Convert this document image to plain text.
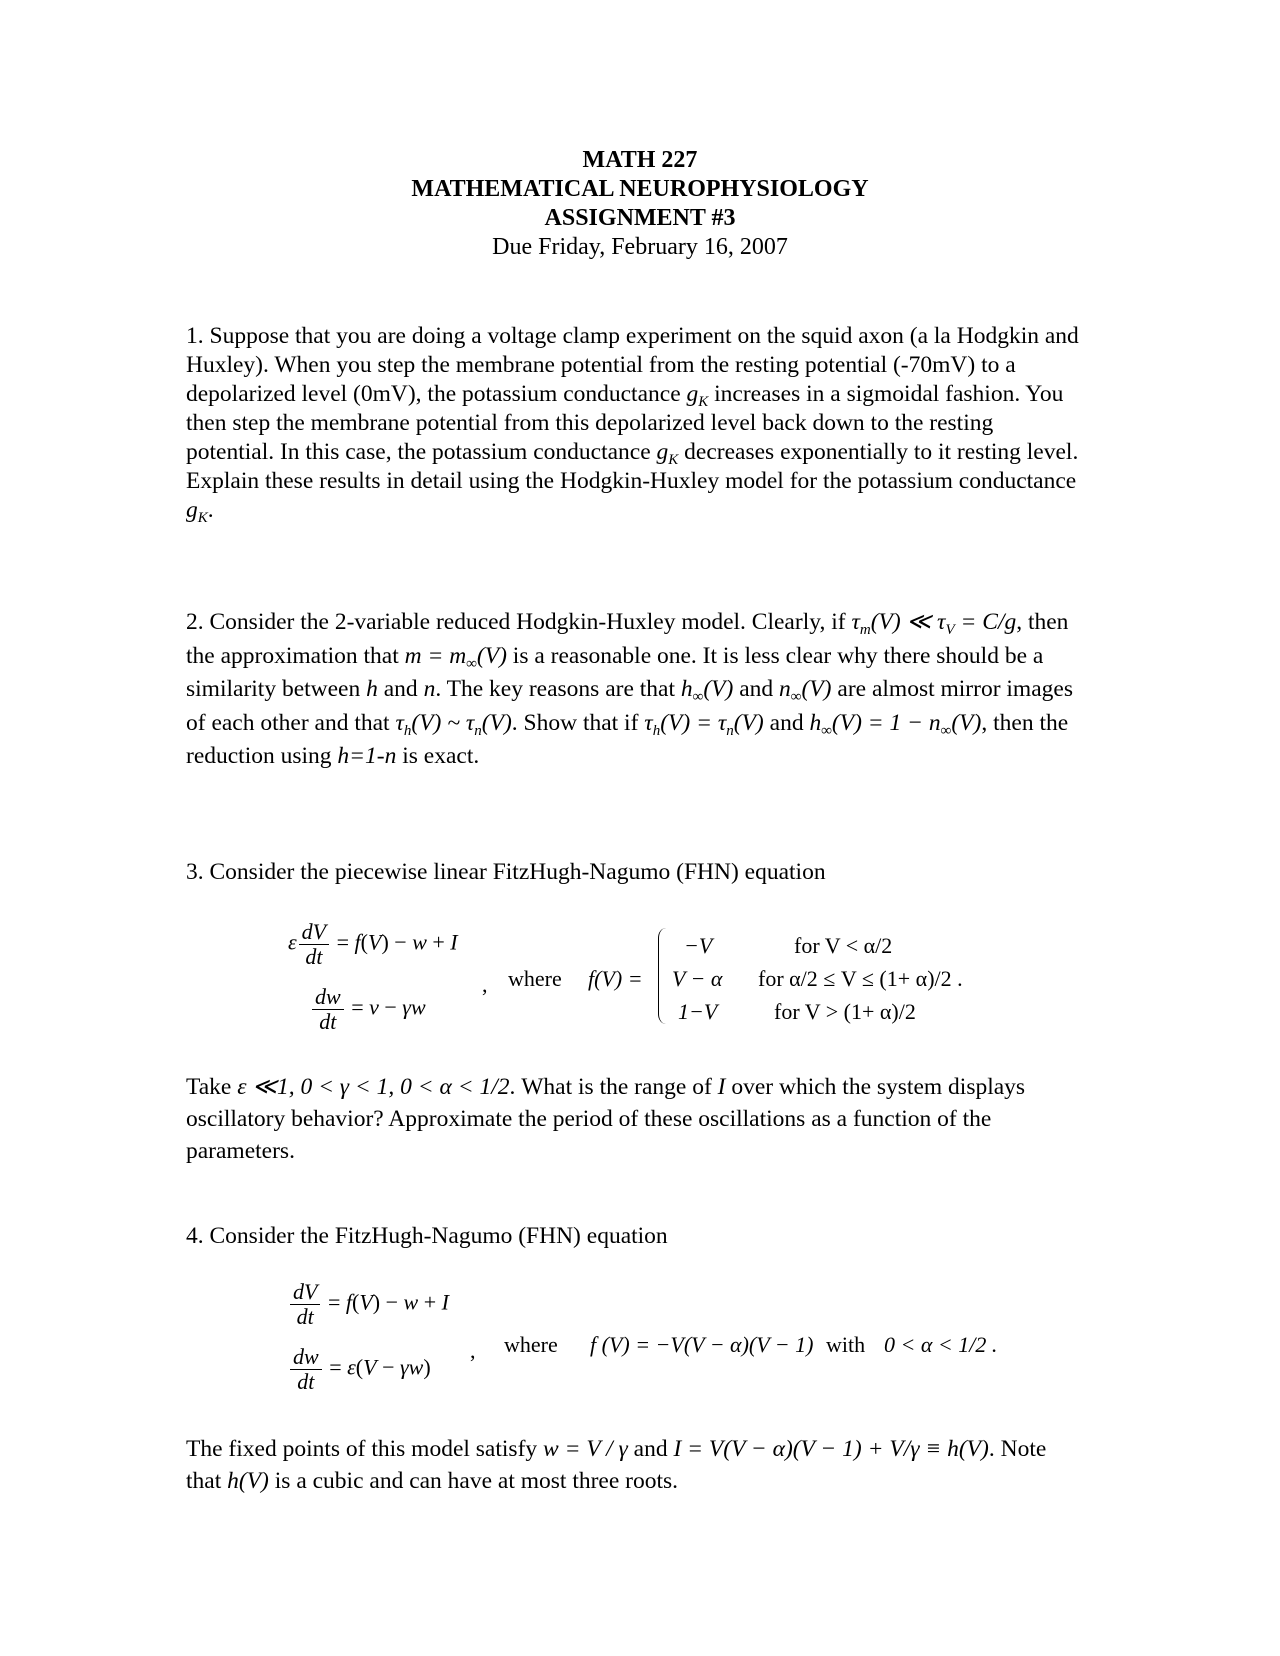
MATH 227
MATHEMATICAL NEUROPHYSIOLOGY
ASSIGNMENT #3
Due Friday, February 16, 2007
1. Suppose that you are doing a voltage clamp experiment on the squid axon (a la Hodgkin and Huxley). When you step the membrane potential from the resting potential (-70mV) to a depolarized level (0mV), the potassium conductance $g_K$ increases in a sigmoidal fashion. You then step the membrane potential from this depolarized level back down to the resting potential. In this case, the potassium conductance $g_K$ decreases exponentially to it resting level. Explain these results in detail using the Hodgkin-Huxley model for the potassium conductance $g_K$.
2. Consider the 2-variable reduced Hodgkin-Huxley model. Clearly, if $\tau_m(V)$ ≪ $\tau_V = C/g$, then the approximation that $m = m_\infty(V)$ is a reasonable one. It is less clear why there should be a similarity between h and n. The key reasons are that $h_\infty(V)$ and $n_\infty(V)$ are almost mirror images of each other and that $\tau_h(V)$ ~ $\tau_n(V)$. Show that if $\tau_h(V) = \tau_n(V)$ and $h_\infty(V) = 1 - n_\infty(V)$, then the reduction using h=1-n is exact.
3. Consider the piecewise linear FitzHugh-Nagumo (FHN) equation
ε $\frac{dV}{dt} = f(V) - w + I$
$\frac{dw}{dt} = v - \gamma w$
, where f(V) =
−V	for V < α/2
V − α for α/2 ≤ V ≤ (1+ α)/2 .
1−V	for V > (1+ α)/2
Take ε ≪1, 0 < γ < 1, 0 < α < 1/2. What is the range of I over which the system displays oscillatory behavior? Approximate the period of these oscillations as a function of the parameters.
4. Consider the FitzHugh-Nagumo (FHN) equation
$\frac{dV}{dt} = f(V) - w + I$
$\frac{dw}{dt} = \varepsilon(V - \gamma w)$
, where f (V) = −V(V − α)(V − 1) with 0 < α < 1/2 .
The fixed points of this model satisfy w = V / γ and I = V(V − α)(V − 1) + V/γ ≡ h(V). Note that h(V) is a cubic and can have at most three roots.
